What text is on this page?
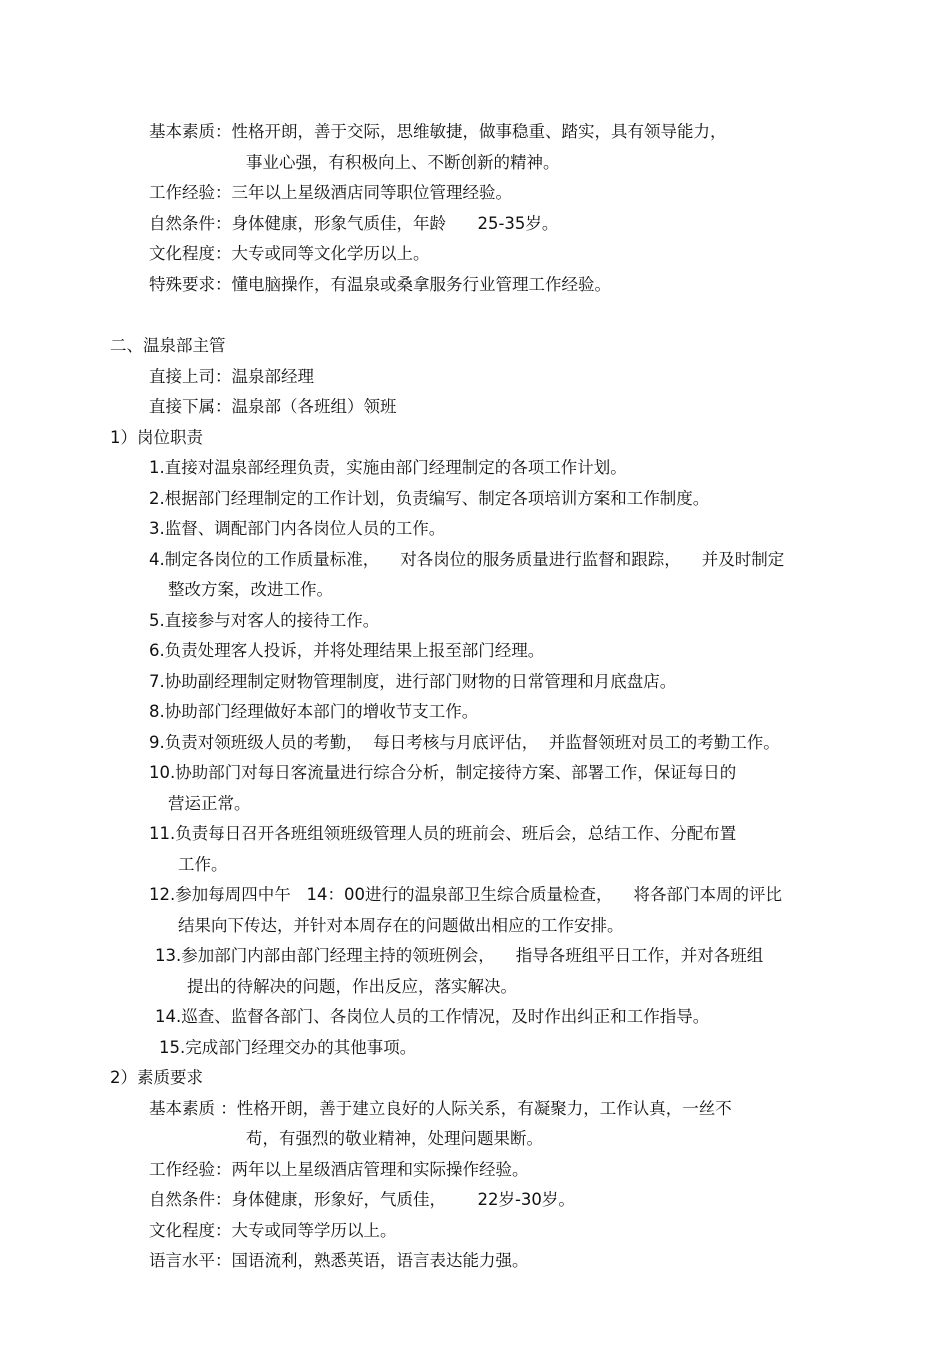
基本素质：性格开朗，善于交际，思维敏捷，做事稳重、踏实，具有领导能力，

事业心强，有积极向上、不断创新的精神。

工作经验：三年以上星级酒店同等职位管理经验。

自然条件：身体健康，形象气质佳，年龄      25-35岁。

文化程度：大专或同等文化学历以上。

特殊要求：懂电脑操作，有温泉或桑拿服务行业管理工作经验。

二、温泉部主管

直接上司：温泉部经理

直接下属：温泉部（各班组）领班

1）岗位职责

1.直接对温泉部经理负责，实施由部门经理制定的各项工作计划。

2.根据部门经理制定的工作计划，负责编写、制定各项培训方案和工作制度。

3.监督、调配部门内各岗位人员的工作。

4.制定各岗位的工作质量标准，    对各岗位的服务质量进行监督和跟踪，    并及时制定

整改方案，改进工作。

5.直接参与对客人的接待工作。

6.负责处理客人投诉，并将处理结果上报至部门经理。

7.协助副经理制定财物管理制度，进行部门财物的日常管理和月底盘店。

8.协助部门经理做好本部门的增收节支工作。

9.负责对领班级人员的考勤，  每日考核与月底评估，  并监督领班对员工的考勤工作。

10.协助部门对每日客流量进行综合分析，制定接待方案、部署工作，保证每日的

营运正常。

11.负责每日召开各班组领班级管理人员的班前会、班后会，总结工作、分配布置

工作。

12.参加每周四中午   14：00进行的温泉部卫生综合质量检查，    将各部门本周的评比

结果向下传达，并针对本周存在的问题做出相应的工作安排。

13.参加部门内部由部门经理主持的领班例会，    指导各班组平日工作，并对各班组

提出的待解决的问题，作出反应，落实解决。

14.巡查、监督各部门、各岗位人员的工作情况，及时作出纠正和工作指导。

15.完成部门经理交办的其他事项。

2）素质要求

基本素质 ：性格开朗，善于建立良好的人际关系，有凝聚力，工作认真，一丝不

苟，有强烈的敬业精神，处理问题果断。

工作经验：两年以上星级酒店管理和实际操作经验。

自然条件：身体健康，形象好，气质佳，      22岁-30岁。

文化程度：大专或同等学历以上。

语言水平：国语流利，熟悉英语，语言表达能力强。
